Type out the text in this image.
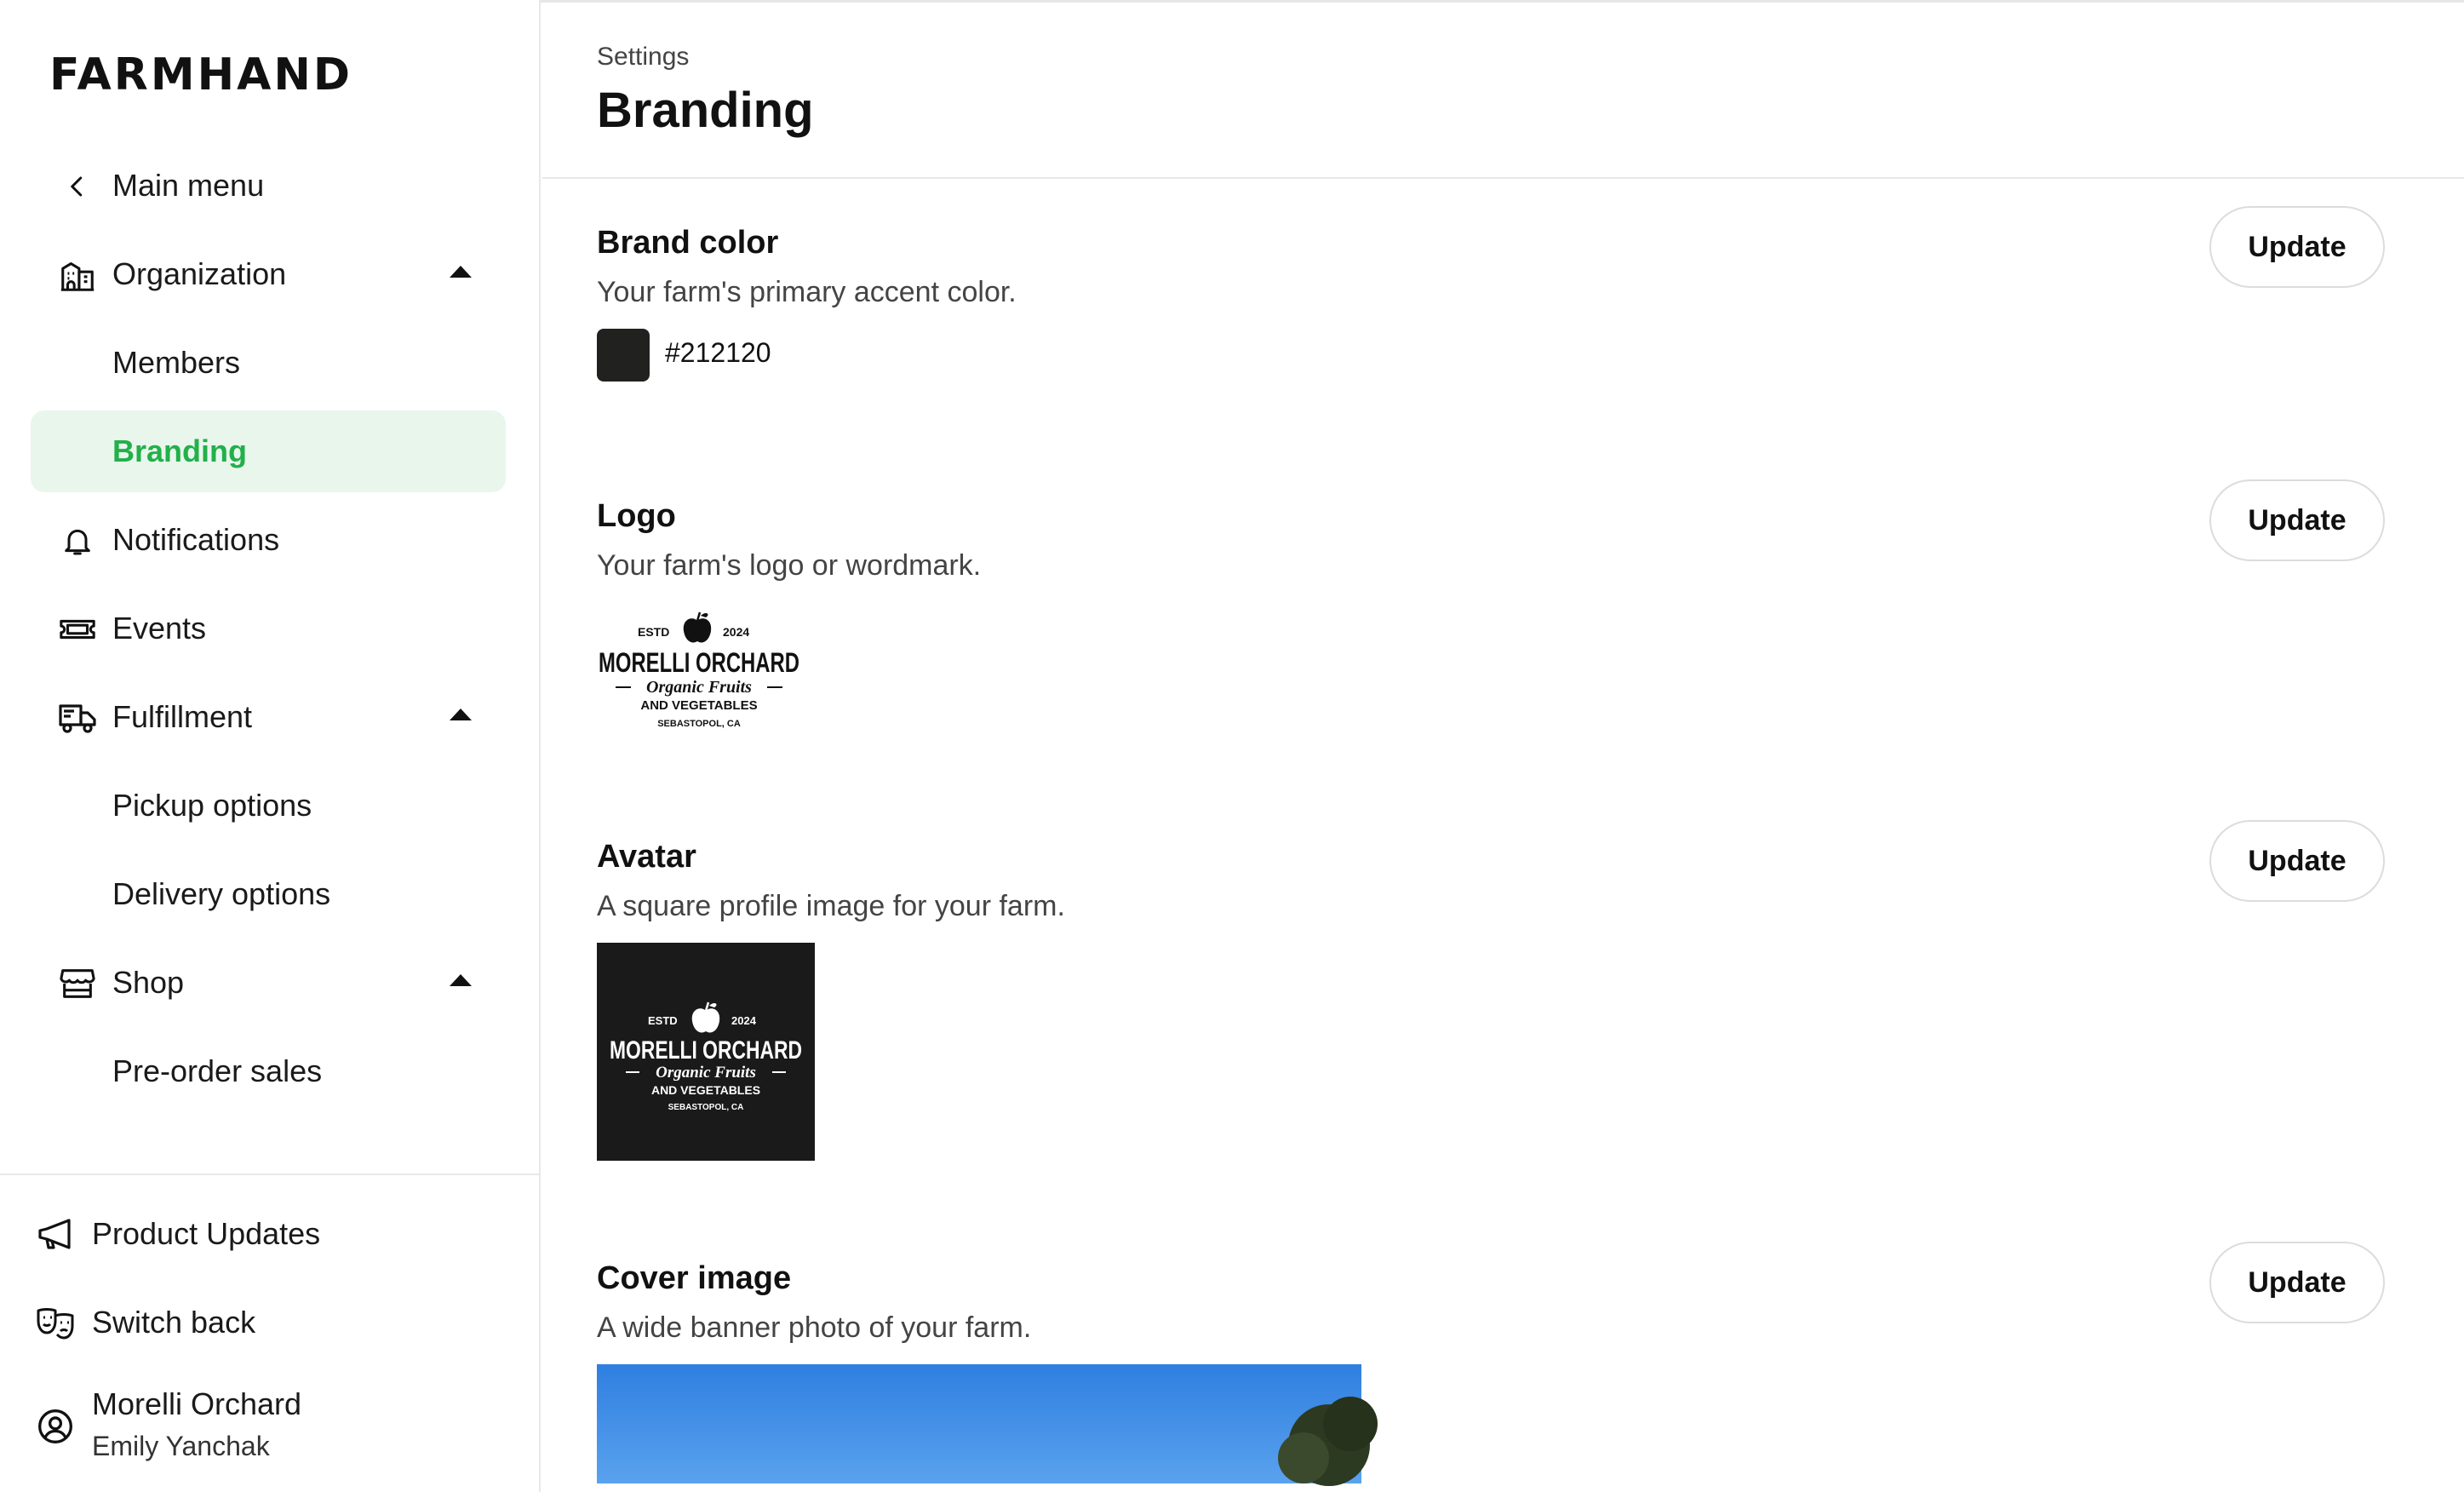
FARMHAND
Main menu
Organization
Members
Branding
Notifications
Events
Fulfillment
Pickup options
Delivery options
Shop
Pre-order sales
Product Updates
Switch back
Morelli Orchard
Emily Yanchak
Settings
Branding
Brand color
Your farm's primary accent color.
#212120
Update
Logo
Your farm's logo or wordmark.
ESTD	2024
MORELLI ORCHARD
Organic Fruits
AND VEGETABLES
SEBASTOPOL, CA
Update
Avatar
A square profile image for your farm.
ESTD	2024
MORELLI ORCHARD
Organic Fruits
AND VEGETABLES
SEBASTOPOL, CA
Update
Cover image
A wide banner photo of your farm.
Update
